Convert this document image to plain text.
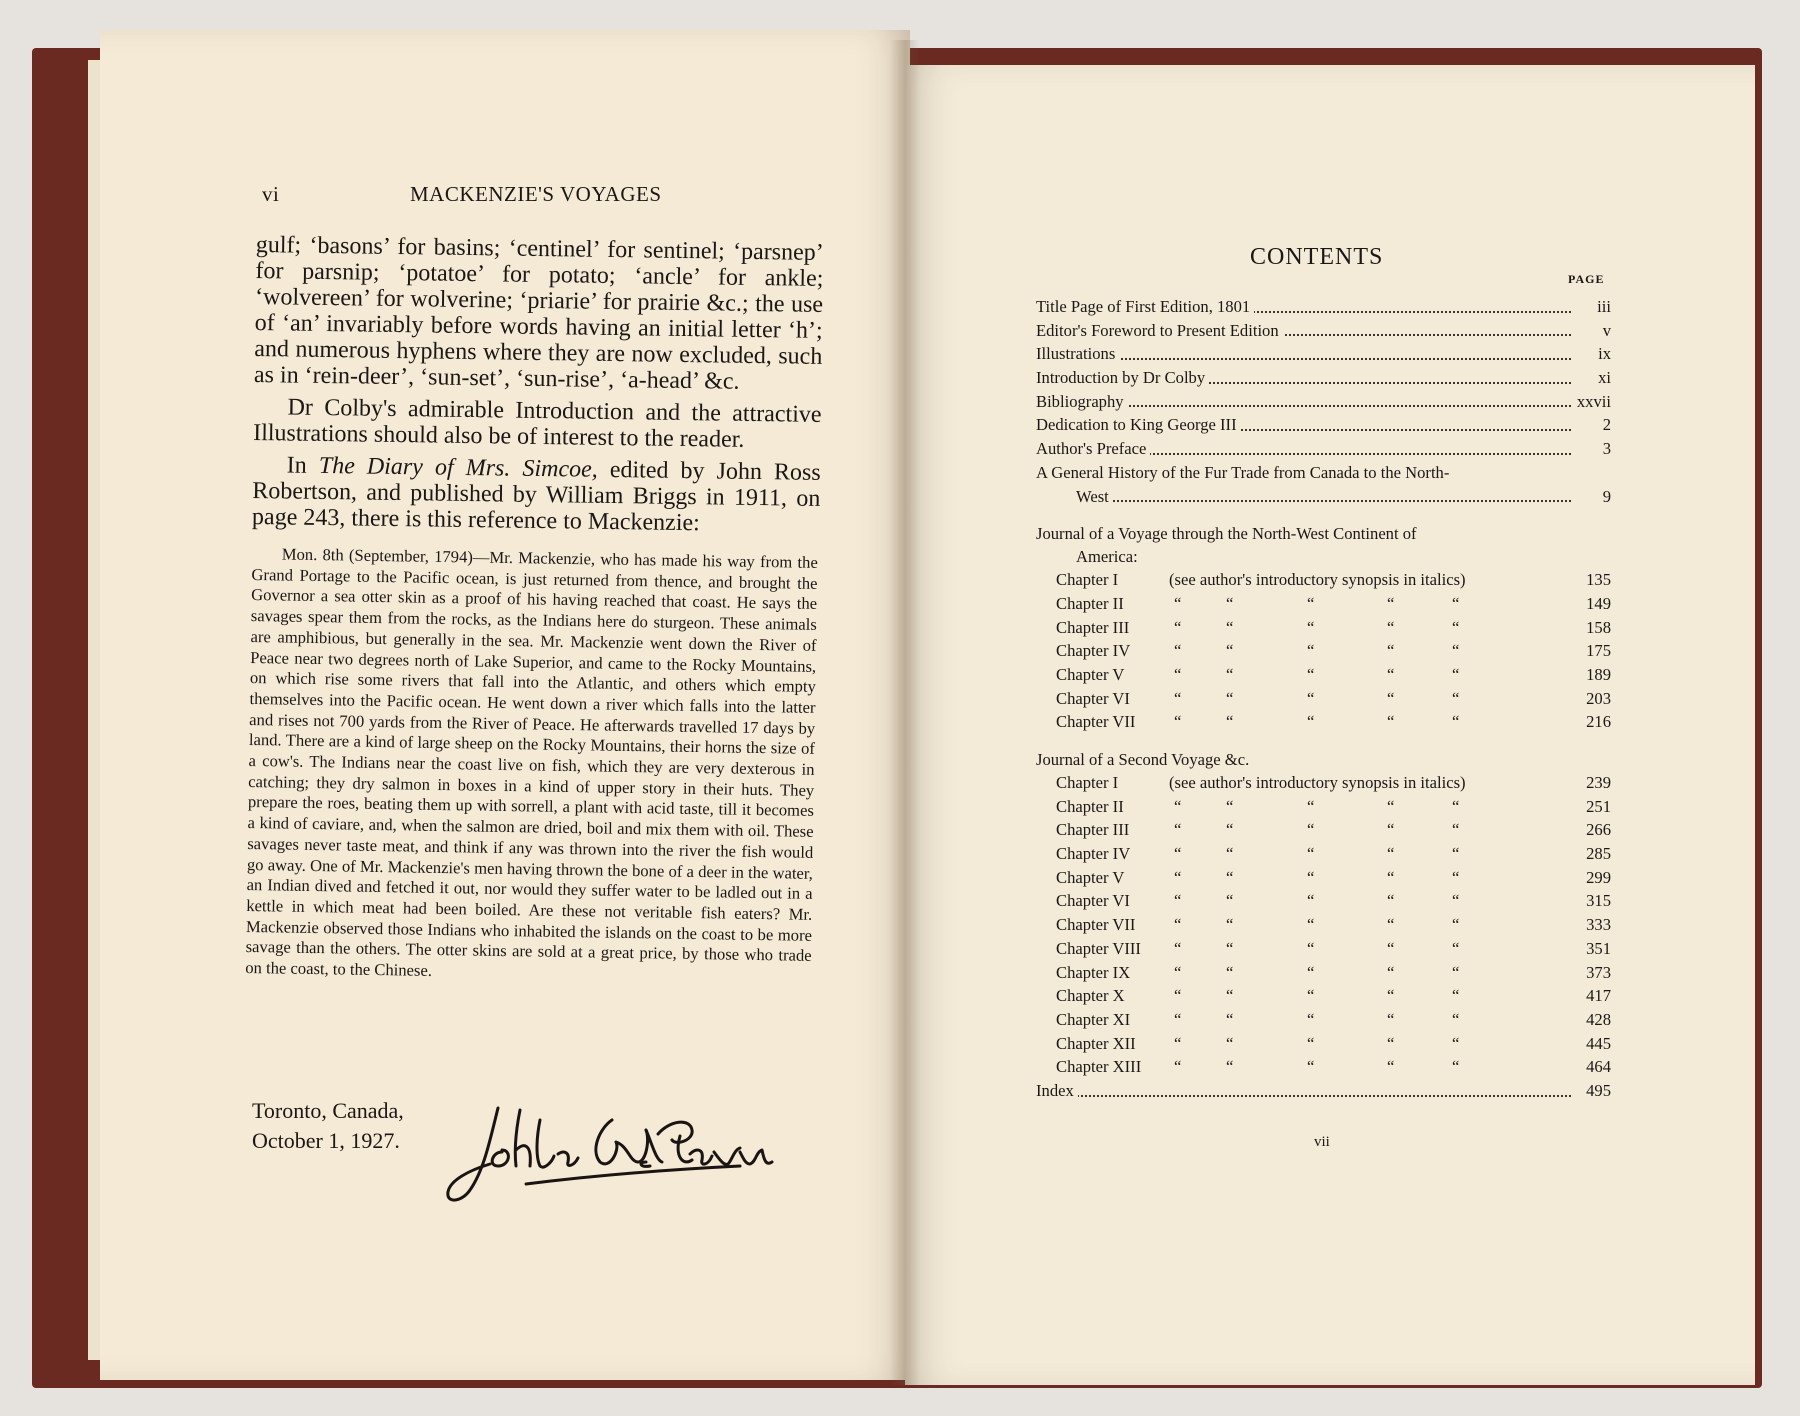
vi	MACKENZIE'S VOYAGES

gulf; ‘basons’ for basins; ‘centinel’ for sentinel; ‘parsnep’ for parsnip; ‘potatoe’ for potato; ‘ancle’ for ankle; ‘wolvereen’ for wolverine; ‘priarie’ for prairie &c.; the use of ‘an’ invariably before words having an initial letter ‘h’; and numerous hyphens where they are now excluded, such as in ‘rein-deer’, ‘sun-set’, ‘sun-rise’, ‘a-head’ &c.

Dr Colby's admirable Introduction and the attractive Illustrations should also be of interest to the reader.

In The Diary of Mrs. Simcoe, edited by John Ross Robertson, and published by William Briggs in 1911, on page 243, there is this reference to Mackenzie:

Mon. 8th (September, 1794)—Mr. Mackenzie, who has made his way from the Grand Portage to the Pacific ocean, is just returned from thence, and brought the Governor a sea otter skin as a proof of his having reached that coast. He says the savages spear them from the rocks, as the Indians here do sturgeon. These animals are amphibious, but generally in the sea. Mr. Mackenzie went down the River of Peace near two degrees north of Lake Superior, and came to the Rocky Mountains, on which rise some rivers that fall into the Atlantic, and others which empty themselves into the Pacific ocean. He went down a river which falls into the latter and rises not 700 yards from the River of Peace. He afterwards travelled 17 days by land. There are a kind of large sheep on the Rocky Mountains, their horns the size of a cow's. The Indians near the coast live on fish, which they are very dexterous in catching; they dry salmon in boxes in a kind of upper story in their huts. They prepare the roes, beating them up with sorrell, a plant with acid taste, till it becomes a kind of caviare, and, when the salmon are dried, boil and mix them with oil. These savages never taste meat, and think if any was thrown into the river the fish would go away. One of Mr. Mackenzie's men having thrown the bone of a deer in the water, an Indian dived and fetched it out, nor would they suffer water to be ladled out in a kettle in which meat had been boiled. Are these not veritable fish eaters? Mr. Mackenzie observed those Indians who inhabited the islands on the coast to be more savage than the others. The otter skins are sold at a great price, by those who trade on the coast, to the Chinese.

Toronto, Canada,
October 1, 1927.
CONTENTS
PAGE
Title Page of First Edition, 1801	iii
Editor's Foreword to Present Edition	v
Illustrations	ix
Introduction by Dr Colby	xi
Bibliography	xxvii
Dedication to King George III	2
Author's Preface	3
A General History of the Fur Trade from Canada to the North-
West	9
Journal of a Voyage through the North-West Continent of
America:
Chapter I	(see author's introductory synopsis in italics)	135
Chapter II	“	“	“	“	“	149
Chapter III	“	“	“	“	“	158
Chapter IV	“	“	“	“	“	175
Chapter V	“	“	“	“	“	189
Chapter VI	“	“	“	“	“	203
Chapter VII “	“	“	“	“	216
Journal of a Second Voyage &c.
Chapter I	(see author's introductory synopsis in italics)	239
Chapter II	“	“	“	“	“	251
Chapter III	“	“	“	“	“	266
Chapter IV	“	“	“	“	“	285
Chapter V	“	“	“	“	“	299
Chapter VI	“	“	“	“	“	315
Chapter VII “	“	“	“	“	333
Chapter VIII “	“	“	“	“	351
Chapter IX	“	“	“	“	“	373
Chapter X	“	“	“	“	“	417
Chapter XI	“	“	“	“	“	428
Chapter XII “	“	“	“	“	445
Chapter XIII “	“	“	“	“	464
Index	495
vii
